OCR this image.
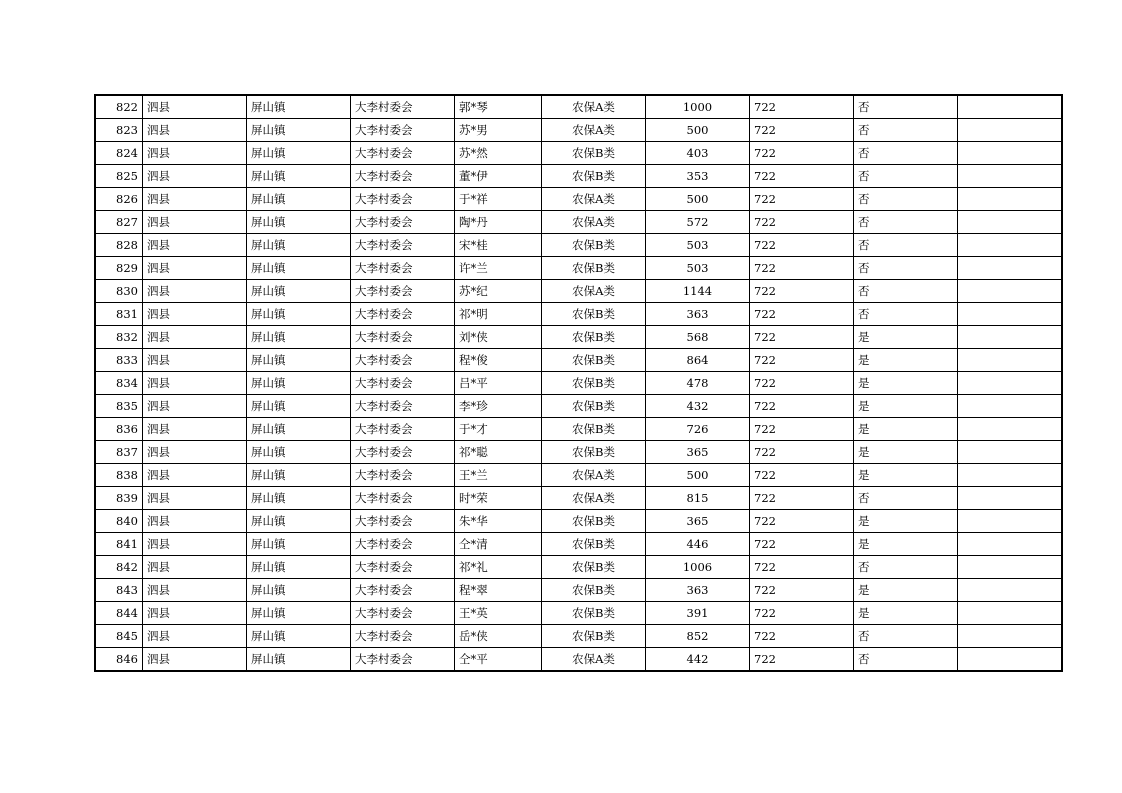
822	泗县	屏山镇	大李村委会	郭*琴	农保A类	1000	722	否	
823	泗县	屏山镇	大李村委会	苏*男	农保A类	500	722	否	
824	泗县	屏山镇	大李村委会	苏*然	农保B类	403	722	否	
825	泗县	屏山镇	大李村委会	董*伊	农保B类	353	722	否	
826	泗县	屏山镇	大李村委会	于*祥	农保A类	500	722	否	
827	泗县	屏山镇	大李村委会	陶*丹	农保A类	572	722	否	
828	泗县	屏山镇	大李村委会	宋*桂	农保B类	503	722	否	
829	泗县	屏山镇	大李村委会	许*兰	农保B类	503	722	否	
830	泗县	屏山镇	大李村委会	苏*纪	农保A类	1144	722	否	
831	泗县	屏山镇	大李村委会	祁*明	农保B类	363	722	否	
832	泗县	屏山镇	大李村委会	刘*侠	农保B类	568	722	是	
833	泗县	屏山镇	大李村委会	程*俊	农保B类	864	722	是	
834	泗县	屏山镇	大李村委会	吕*平	农保B类	478	722	是	
835	泗县	屏山镇	大李村委会	李*珍	农保B类	432	722	是	
836	泗县	屏山镇	大李村委会	于*才	农保B类	726	722	是	
837	泗县	屏山镇	大李村委会	祁*聪	农保B类	365	722	是	
838	泗县	屏山镇	大李村委会	王*兰	农保A类	500	722	是	
839	泗县	屏山镇	大李村委会	时*荣	农保A类	815	722	否	
840	泗县	屏山镇	大李村委会	朱*华	农保B类	365	722	是	
841	泗县	屏山镇	大李村委会	仝*清	农保B类	446	722	是	
842	泗县	屏山镇	大李村委会	祁*礼	农保B类	1006	722	否	
843	泗县	屏山镇	大李村委会	程*翠	农保B类	363	722	是	
844	泗县	屏山镇	大李村委会	王*英	农保B类	391	722	是	
845	泗县	屏山镇	大李村委会	岳*侠	农保B类	852	722	否	
846	泗县	屏山镇	大李村委会	仝*平	农保A类	442	722	否	
